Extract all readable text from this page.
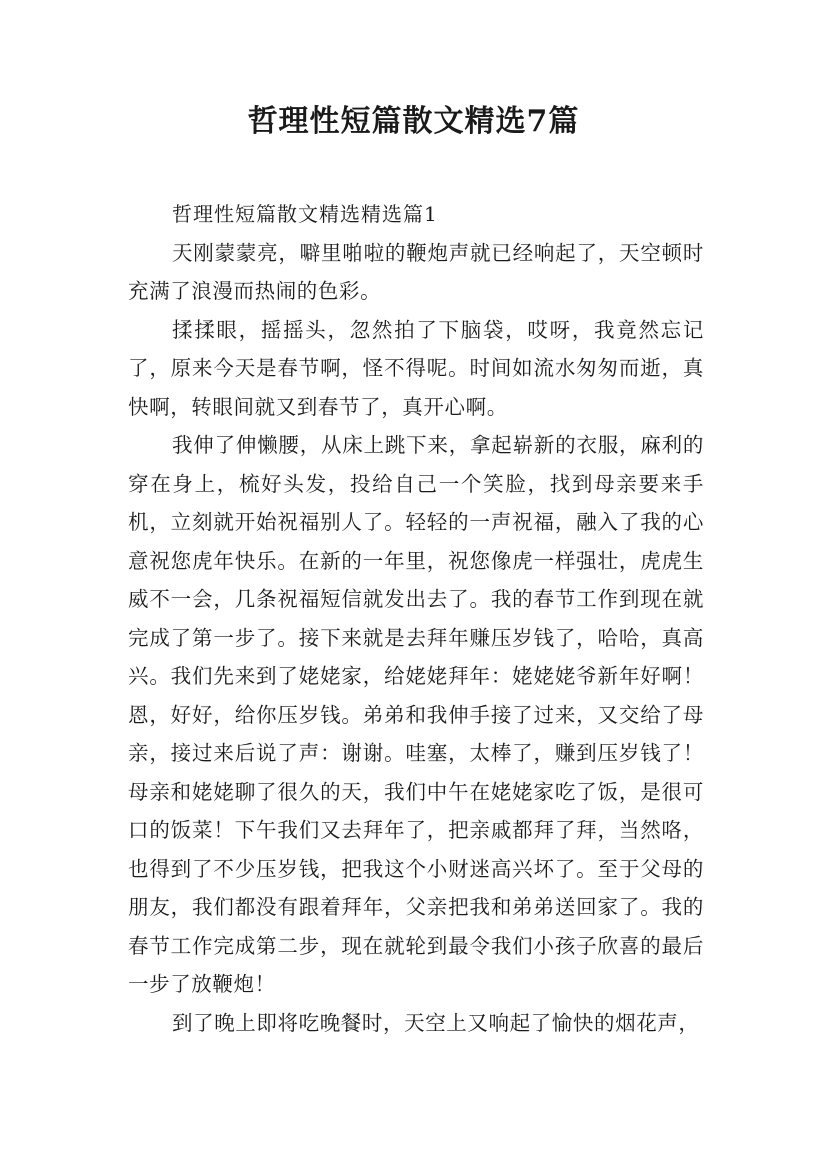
哲理性短篇散文精选7篇

哲理性短篇散文精选精选篇1

天刚蒙蒙亮，噼里啪啦的鞭炮声就已经响起了，天空顿时充满了浪漫而热闹的色彩。

揉揉眼，摇摇头，忽然拍了下脑袋，哎呀，我竟然忘记了，原来今天是春节啊，怪不得呢。时间如流水匆匆而逝，真快啊，转眼间就又到春节了，真开心啊。

我伸了伸懒腰，从床上跳下来，拿起崭新的衣服，麻利的穿在身上，梳好头发，投给自己一个笑脸，找到母亲要来手机，立刻就开始祝福别人了。轻轻的一声祝福，融入了我的心意祝您虎年快乐。在新的一年里，祝您像虎一样强壮，虎虎生威不一会，几条祝福短信就发出去了。我的春节工作到现在就完成了第一步了。接下来就是去拜年赚压岁钱了，哈哈，真高兴。我们先来到了姥姥家，给姥姥拜年：姥姥姥爷新年好啊！恩，好好，给你压岁钱。弟弟和我伸手接了过来，又交给了母亲，接过来后说了声：谢谢。哇塞，太棒了，赚到压岁钱了！母亲和姥姥聊了很久的天，我们中午在姥姥家吃了饭，是很可口的饭菜！下午我们又去拜年了，把亲戚都拜了拜，当然咯，也得到了不少压岁钱，把我这个小财迷高兴坏了。至于父母的朋友，我们都没有跟着拜年，父亲把我和弟弟送回家了。我的春节工作完成第二步，现在就轮到最令我们小孩子欣喜的最后一步了放鞭炮！

到了晚上即将吃晚餐时，天空上又响起了愉快的烟花声，
